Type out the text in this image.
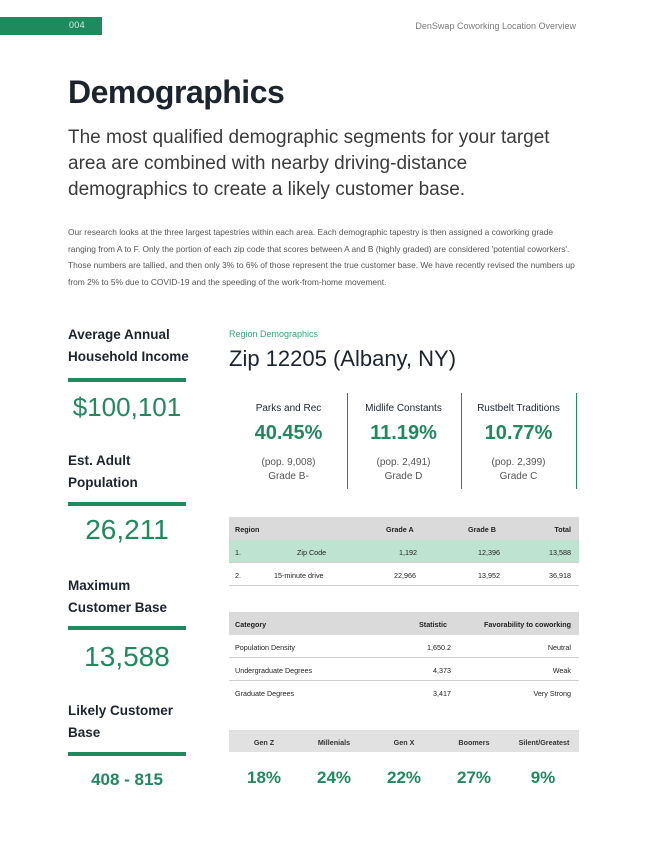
004	DenSwap Coworking Location Overview
Demographics
The most qualified demographic segments for your target area are combined with nearby driving-distance demographics to create a likely customer base.
Our research looks at the three largest tapestries within each area. Each demographic tapestry is then assigned a coworking grade ranging from A to F. Only the portion of each zip code that scores between A and B (highly graded) are considered 'potential coworkers'. Those numbers are tallied, and then only 3% to 6% of those represent the true customer base. We have recently revised the numbers up from 2% to 5% due to COVID-19 and the speeding of the work-from-home movement.
Average Annual Household Income
$100,101
Est. Adult Population
26,211
Maximum Customer Base
13,588
Likely Customer Base
408 - 815
Region Demographics
Zip 12205 (Albany, NY)
Parks and Rec
40.45%
(pop. 9,008)
Grade B-
Midlife Constants
11.19%
(pop. 2,491)
Grade D
Rustbelt Traditions
10.77%
(pop. 2,399)
Grade C
Region	Grade A	Grade B	Total
1.	Zip Code	1,192	12,396	13,588
2.	15-minute drive	22,966	13,952	36,918
Category	Statistic	Favorability to coworking
Population Density	1,650.2	Neutral
Undergraduate Degrees	4,373	Weak
Graduate Degrees	3,417	Very Strong
Gen Z	Millenials	Gen X	Boomers	Silent/Greatest
18%	24%	22%	27%	9%
